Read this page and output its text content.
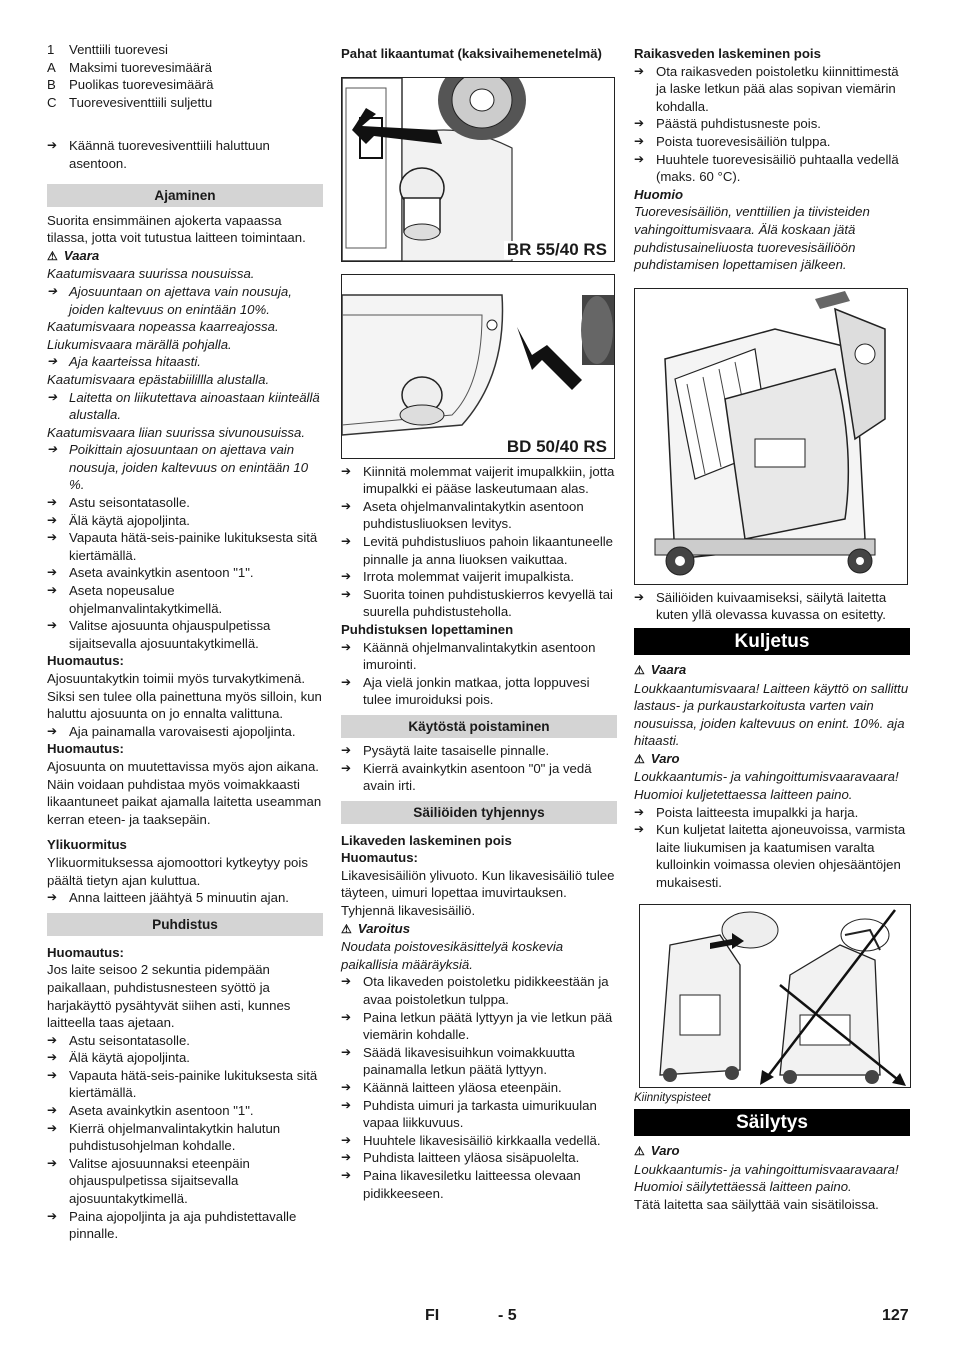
1	Venttiili tuorevesi
A	Maksimi tuorevesimäärä
B	Puolikas tuorevesimäärä
C Tuorevesiventtiili suljettu
➔ Käännä tuorevesiventtiili haluttuun asentoon.
Ajaminen

Suorita ensimmäinen ajokerta vapaassa tilassa, jotta voit tutustua laitteen toimintaan.

⚠ Vaara

Kaatumisvaara suurissa nousuissa.

➔ Ajosuuntaan on ajettava vain nousuja, joiden kaltevuus on enintään 10%.

Kaatumisvaara nopeassa kaarreajossa.

Liukumisvaara märällä pohjalla.

➔ Aja kaarteissa hitaasti.

Kaatumisvaara epästabiilillla alustalla.

➔ Laitetta on liikutettava ainoastaan kiinteällä alustalla.

Kaatumisvaara liian suurissa sivunousuissa.

➔ Poikittain ajosuuntaan on ajettava vain nousuja, joiden kaltevuus on enintään 10 %.
➔ Astu seisontatasolle.
➔ Älä käytä ajopoljinta.
➔ Vapauta hätä-seis-painike lukituksesta sitä kiertämällä.
➔ Aseta avainkytkin asentoon "1".
➔ Aseta nopeusalue ohjelmanvalintakytkimellä.
➔ Valitse ajosuunta ohjauspulpetissa sijaitsevalla ajosuuntakytkimellä.

Huomautus:

Ajosuuntakytkin toimii myös turvakytkimenä. Siksi sen tulee olla painettuna myös silloin, kun haluttu ajosuunta on jo ennalta valittuna.

➔ Aja painamalla varovaisesti ajopoljinta.

Huomautus:

Ajosuunta on muutettavissa myös ajon aikana. Näin voidaan puhdistaa myös voimakkaasti likaantuneet paikat ajamalla laitetta useamman kerran eteen- ja taaksepäin.

Ylikuormitus

Ylikuormituksessa ajomoottori kytkeytyy pois päältä tietyn ajan kuluttua.

➔ Anna laitteen jäähtyä 5 minuutin ajan.
Puhdistus

Huomautus:

Jos laite seisoo 2 sekuntia pidempään paikallaan, puhdistusnesteen syöttö ja harjakäyttö pysähtyvät siihen asti, kunnes laitteella taas ajetaan.

➔ Astu seisontatasolle.
➔ Älä käytä ajopoljinta.
➔ Vapauta hätä-seis-painike lukituksesta sitä kiertämällä.
➔ Aseta avainkytkin asentoon "1".
➔ Kierrä ohjelmanvalintakytkin halutun puhdistusohjelman kohdalle.
➔ Valitse ajosuunnaksi eteenpäin ohjauspulpetissa sijaitsevalla ajosuuntakytkimellä.
➔ Paina ajopoljinta ja aja puhdistettavalle pinnalle.

Pahat likaantumat (kaksivaihemenetelmä)

BR 55/40 RS
BD 50/40 RS
➔ Kiinnitä molemmat vaijerit imupalkkiin, jotta imupalkki ei pääse laskeutumaan alas.
➔ Aseta ohjelmanvalintakytkin asentoon puhdistusliuoksen levitys.
➔ Levitä puhdistusliuos pahoin likaantuneelle pinnalle ja anna liuoksen vaikuttaa.
➔ Irrota molemmat vaijerit imupalkista.
➔ Suorita toinen puhdistuskierros kevyellä tai suurella puhdistusteholla.

Puhdistuksen lopettaminen

➔ Käännä ohjelmanvalintakytkin asentoon imurointi.
➔ Aja vielä jonkin matkaa, jotta loppuvesi tulee imuroiduksi pois.
Käytöstä poistaminen
➔ Pysäytä laite tasaiselle pinnalle.
➔ Kierrä avainkytkin asentoon "0" ja vedä avain irti.
Säiliöiden tyhjennys

Likaveden laskeminen pois

Huomautus:

Likavesisäiliön ylivuoto. Kun likavesisäiliö tulee täyteen, uimuri lopettaa imuvirtauksen. Tyhjennä likavesisäiliö.

⚠ Varoitus

Noudata poistovesikäsittelyä koskevia paikallisia määräyksiä.

➔ Ota likaveden poistoletku pidikkeestään ja avaa poistoletkun tulppa.
➔ Paina letkun päätä lyttyyn ja vie letkun pää viemärin kohdalle.
➔ Säädä likavesisuihkun voimakkuutta painamalla letkun päätä lyttyyn.
➔ Käännä laitteen yläosa eteenpäin.
➔ Puhdista uimuri ja tarkasta uimurikuulan vapaa liikkuvuus.
➔ Huuhtele likavesisäiliö kirkkaalla vedellä.
➔ Puhdista laitteen yläosa sisäpuolelta.
➔ Paina likavesiletku laitteessa olevaan pidikkeeseen.

Raikasveden laskeminen pois

➔ Ota raikasveden poistoletku kiinnittimestä ja laske letkun pää alas sopivan viemärin kohdalla.
➔ Päästä puhdistusneste pois.
➔ Poista tuorevesisäiliön tulppa.
➔ Huuhtele tuorevesisäiliö puhtaalla vedellä (maks. 60 °C).

Huomio

Tuorevesisäiliön, venttiilien ja tiivisteiden vahingoittumisvaara. Älä koskaan jätä puhdistusaineliuosta tuorevesisäiliöön puhdistamisen lopettamisen jälkeen.

➔ Säiliöiden kuivaamiseksi, säilytä laitetta kuten yllä olevassa kuvassa on esitetty.
Kuljetus

⚠ Vaara

Loukkaantumisvaara! Laitteen käyttö on sallittu lastaus- ja purkaustarkoitusta varten vain nousuissa, joiden kaltevuus on enint. 10%. aja hitaasti.

⚠ Varo

Loukkaantumis- ja vahingoittumisvaaravaara! Huomioi kuljetettaessa laitteen paino.

➔ Poista laitteesta imupalkki ja harja.
➔ Kun kuljetat laitetta ajoneuvoissa, varmista laite liukumisen ja kaatumisen varalta kulloinkin voimassa olevien ohjesääntöjen mukaisesti.

Kiinnityspisteet

Säilytys

⚠ Varo

Loukkaantumis- ja vahingoittumisvaaravaara! Huomioi säilytettäessä laitteen paino.

Tätä laitetta saa säilyttää vain sisätiloissa.

FI	- 5	127
